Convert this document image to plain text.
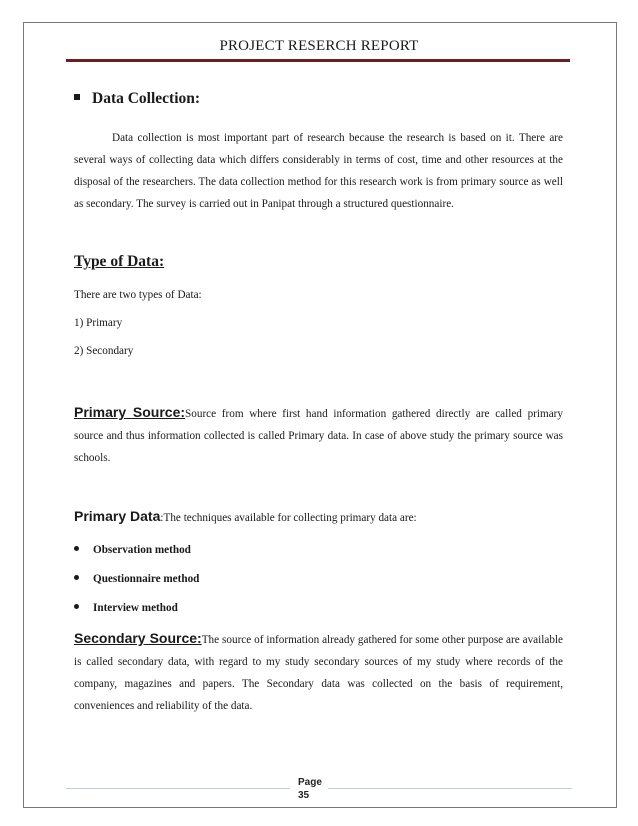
PROJECT RESERCH REPORT
Data Collection:

Data collection is most important part of research because the research is based on it. There are several ways of collecting data which differs considerably in terms of cost, time and other resources at the disposal of the researchers. The data collection method for this research work is from primary source as well as secondary. The survey is carried out in Panipat through a structured questionnaire.

Type of Data:
There are two types of Data:
1) Primary
2) Secondary

Primary Source:Source from where first hand information gathered directly are called primary source and thus information collected is called Primary data. In case of above study the primary source was schools.

Primary Data:The techniques available for collecting primary data are:
Observation method
Questionnaire method
Interview method

Secondary Source:The source of information already gathered for some other purpose are available is called secondary data, with regard to my study secondary sources of my study where records of the company, magazines and papers. The Secondary data was collected on the basis of requirement, conveniences and reliability of the data.

Page
35
